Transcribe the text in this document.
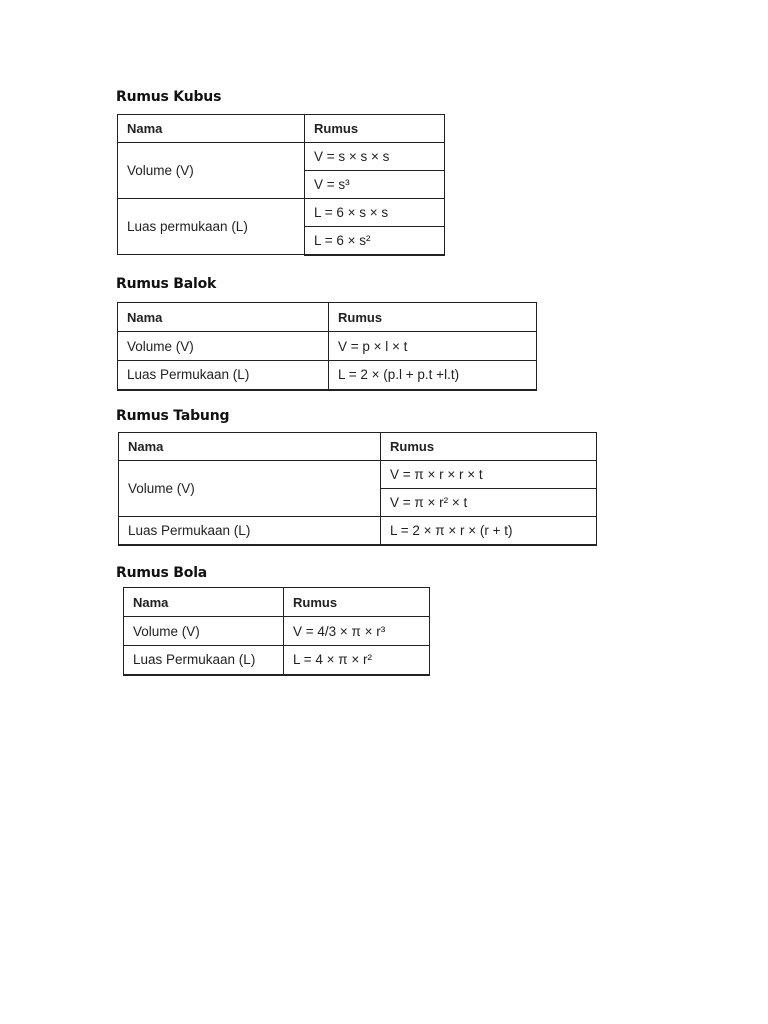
Rumus Kubus
Nama	Rumus
Volume (V)	V = s × s × s
	V = s³
Luas permukaan (L)	L = 6 × s × s
	L = 6 × s²
Rumus Balok
Nama	Rumus
Volume (V)	V = p × l × t
Luas Permukaan (L)	L = 2 × (p.l + p.t +l.t)
Rumus Tabung
Nama	Rumus
Volume (V)	V = π × r × r × t
	V = π × r² × t
Luas Permukaan (L)	L = 2 × π × r × (r + t)
Rumus Bola
Nama	Rumus
Volume (V)	V = 4/3 × π × r³
Luas Permukaan (L)	L = 4 × π × r²
